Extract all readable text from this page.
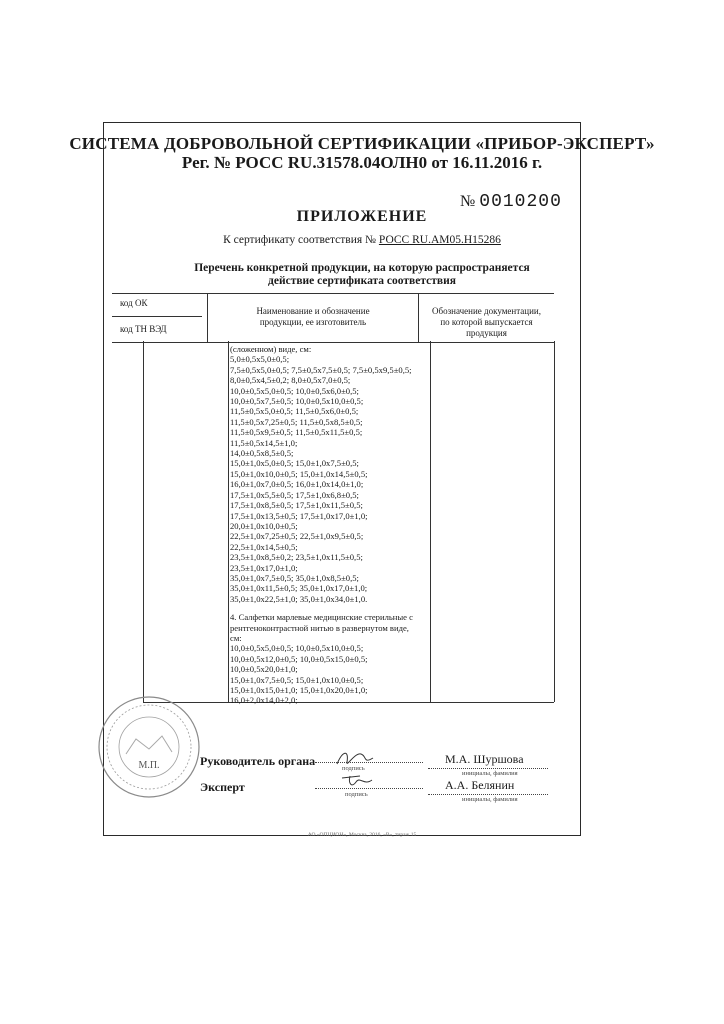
СИСТЕМА ДОБРОВОЛЬНОЙ СЕРТИФИКАЦИИ «ПРИБОР-ЭКСПЕРТ»
Рег. № РОСС RU.31578.04ОЛН0 от 16.11.2016 г.
№ 0010200
ПРИЛОЖЕНИЕ
К сертификату соответствия № РОСС RU.AM05.H15286
Перечень конкретной продукции, на которую распространяется
действие сертификата соответствия
код ОК
код ТН ВЭД
Наименование и обозначение
продукции, ее изготовитель
Обозначение документации,
по которой выпускается продукция
(сложенном) виде, см:
5,0±0,5х5,0±0,5;
7,5±0,5х5,0±0,5; 7,5±0,5х7,5±0,5; 7,5±0,5х9,5±0,5;
8,0±0,5х4,5±0,2; 8,0±0,5х7,0±0,5;
10,0±0,5х5,0±0,5; 10,0±0,5х6,0±0,5;
10,0±0,5х7,5±0,5; 10,0±0,5х10,0±0,5;
11,5±0,5х5,0±0,5; 11,5±0,5х6,0±0,5;
11,5±0,5х7,25±0,5; 11,5±0,5х8,5±0,5;
11,5±0,5х9,5±0,5; 11,5±0,5х11,5±0,5;
11,5±0,5х14,5±1,0;
14,0±0,5х8,5±0,5;
15,0±1,0х5,0±0,5; 15,0±1,0х7,5±0,5;
15,0±1,0х10,0±0,5; 15,0±1,0х14,5±0,5;
16,0±1,0х7,0±0,5; 16,0±1,0х14,0±1,0;
17,5±1,0х5,5±0,5; 17,5±1,0х6,8±0,5;
17,5±1,0х8,5±0,5; 17,5±1,0х11,5±0,5;
17,5±1,0х13,5±0,5; 17,5±1,0х17,0±1,0;
20,0±1,0х10,0±0,5;
22,5±1,0х7,25±0,5; 22,5±1,0х9,5±0,5;
22,5±1,0х14,5±0,5;
23,5±1,0х8,5±0,2; 23,5±1,0х11,5±0,5;
23,5±1,0х17,0±1,0;
35,0±1,0х7,5±0,5; 35,0±1,0х8,5±0,5;
35,0±1,0х11,5±0,5; 35,0±1,0х17,0±1,0;
35,0±1,0х22,5±1,0; 35,0±1,0х34,0±1,0.
4. Салфетки марлевые медицинские стерильные с
рентгеноконтрастной нитью в развернутом виде,
см:
10,0±0,5х5,0±0,5; 10,0±0,5х10,0±0,5;
10,0±0,5х12,0±0,5; 10,0±0,5х15,0±0,5;
10,0±0,5х20,0±1,0;
15,0±1,0х7,5±0,5; 15,0±1,0х10,0±0,5;
15,0±1,0х15,0±1,0; 15,0±1,0х20,0±1,0;
16,0±2,0х14,0±2,0;
М.П.	Руководитель органа
подпись
М.А. Шуршова
инициалы, фамилия
Эксперт
подпись
А.А. Белянин
инициалы, фамилия
АО «ОПЦИОН», Москва, 2016, «В», тираж 15
